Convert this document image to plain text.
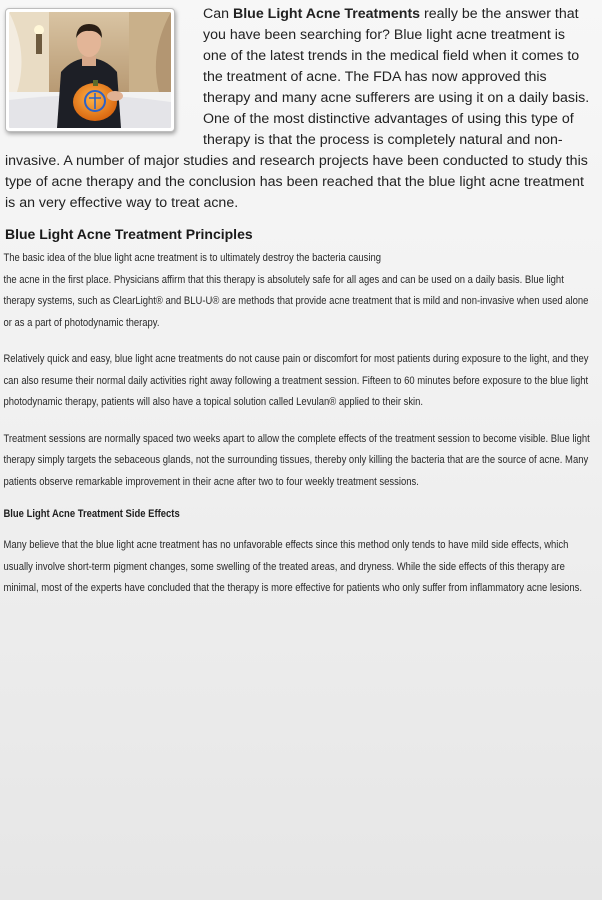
Can Blue Light Acne Treatments really be the answer that you have been searching for? Blue light acne treatment is one of the latest trends in the medical field when it comes to the treatment of acne. The FDA has now approved this therapy and many acne sufferers are using it on a daily basis. One of the most distinctive advantages of using this type of therapy is that the process is completely natural and non-invasive. A number of major studies and research projects have been conducted to study this type of acne therapy and the conclusion has been reached that the blue light acne treatment is an very effective way to treat acne.

Blue Light Acne Treatment Principles
The basic idea of the blue light acne treatment is to ultimately destroy the bacteria causing
the acne in the first place. Physicians affirm that this therapy is absolutely safe for all ages and can be used on a daily basis. Blue light therapy systems, such as ClearLight® and BLU-U® are methods that provide acne treatment that is mild and non-invasive when used alone or as a part of photodynamic therapy.
Relatively quick and easy, blue light acne treatments do not cause pain or discomfort for most patients during exposure to the light, and they can also resume their normal daily activities right away following a treatment session. Fifteen to 60 minutes before exposure to the blue light photodynamic therapy, patients will also have a topical solution called Levulan® applied to their skin.
Treatment sessions are normally spaced two weeks apart to allow the complete effects of the treatment session to become visible. Blue light therapy simply targets the sebaceous glands, not the surrounding tissues, thereby only killing the bacteria that are the source of acne. Many patients observe remarkable improvement in their acne after two to four weekly treatment sessions.
Blue Light Acne Treatment Side Effects
Many believe that the blue light acne treatment has no unfavorable effects since this method only tends to have mild side effects, which usually involve short-term pigment changes, some swelling of the treated areas, and dryness. While the side effects of this therapy are minimal, most of the experts have concluded that the therapy is more effective for patients who only suffer from inflammatory acne lesions.
